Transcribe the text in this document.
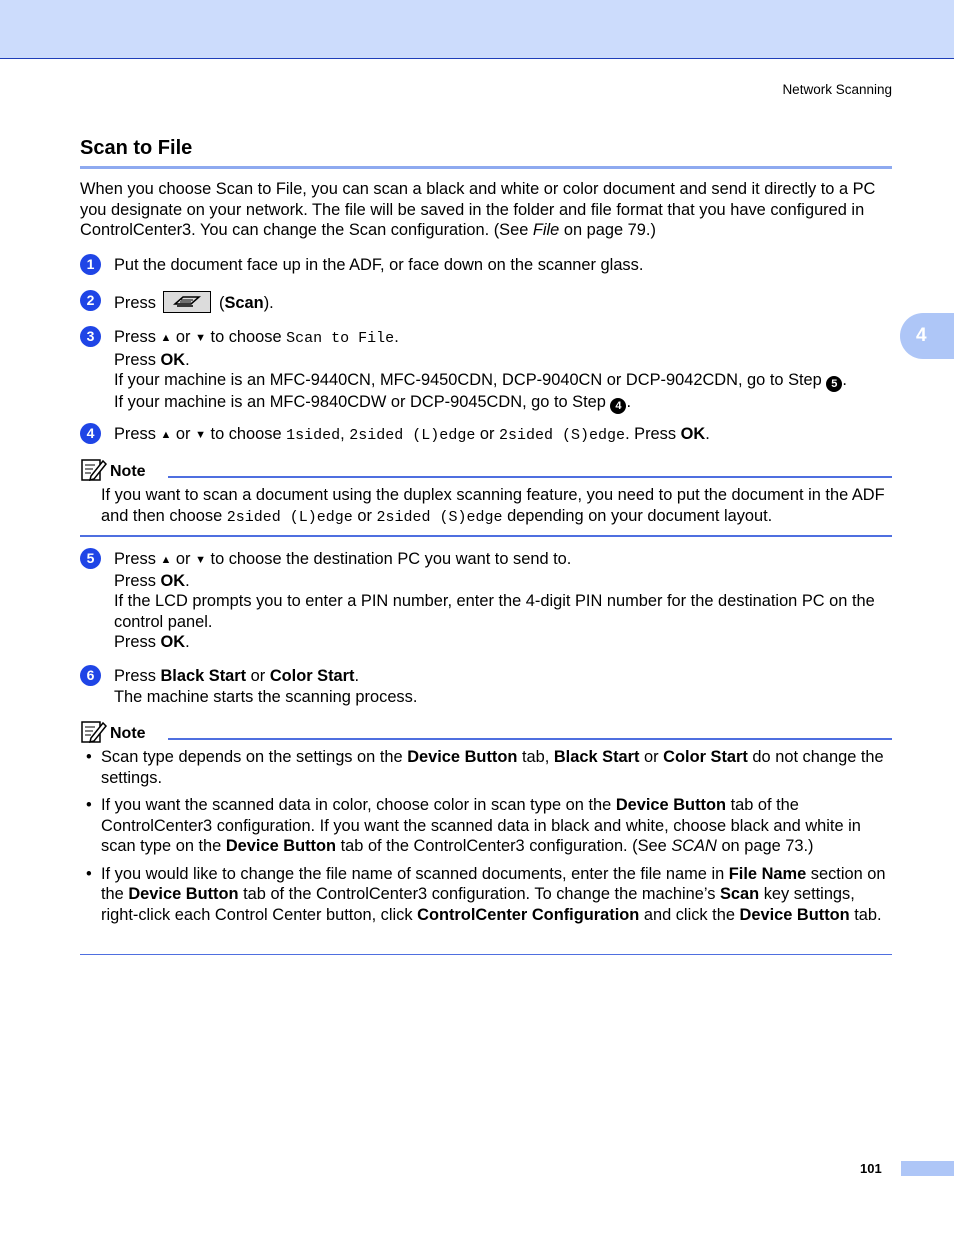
Network Scanning
4
Scan to File

When you choose Scan to File, you can scan a black and white or color document and send it directly to a PC you designate on your network. The file will be saved in the folder and file format that you have configured in ControlCenter3. You can change the Scan configuration. (See File on page 79.)

1	Put the document face up in the ADF, or face down on the scanner glass.
2	Press	(Scan).
3	Press ▲ or ▼ to choose Scan to File.
Press OK.
If your machine is an MFC-9440CN, MFC-9450CDN, DCP-9040CN or DCP-9042CDN, go to Step 5 .
If your machine is an MFC-9840CDW or DCP-9045CDN, go to Step 4 .
4	Press ▲ or ▼ to choose 1sided, 2sided (L)edge or 2sided (S)edge. Press OK.
Note

If you want to scan a document using the duplex scanning feature, you need to put the document in the ADF and then choose 2sided (L)edge or 2sided (S)edge depending on your document layout.

5	Press ▲ or ▼ to choose the destination PC you want to send to.
Press OK.
If the LCD prompts you to enter a PIN number, enter the 4-digit PIN number for the destination PC on the control panel.
Press OK.
6	Press Black Start or Color Start.
The machine starts the scanning process.
Note

• Scan type depends on the settings on the Device Button tab, Black Start or Color Start do not change the settings.

• If you want the scanned data in color, choose color in scan type on the Device Button tab of the ControlCenter3 configuration. If you want the scanned data in black and white, choose black and white in scan type on the Device Button tab of the ControlCenter3 configuration. (See SCAN on page 73.)

• If you would like to change the file name of scanned documents, enter the file name in File Name section on the Device Button tab of the ControlCenter3 configuration. To change the machine’s Scan key settings, right-click each Control Center button, click ControlCenter Configuration and click the Device Button tab.

101
